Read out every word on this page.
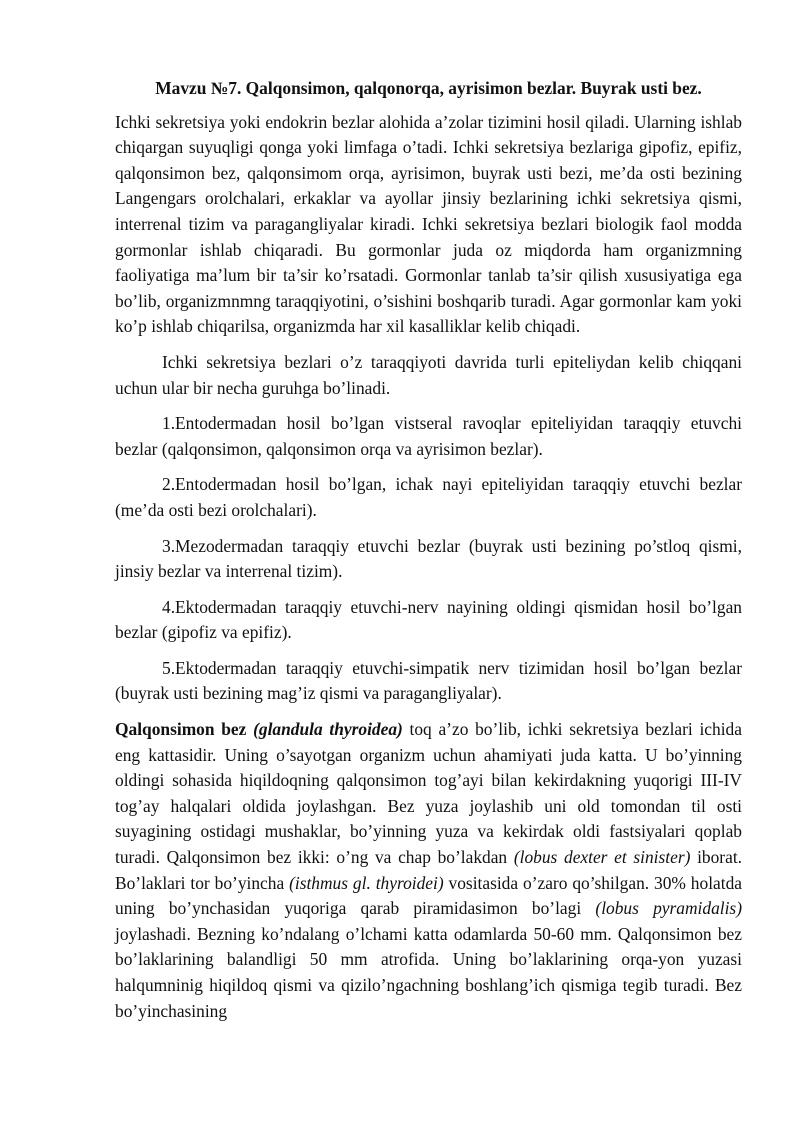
Mavzu №7. Qalqonsimon, qalqonorqa, ayrisimon bezlar. Buyrak usti bez.

Ichki sekretsiya yoki endokrin bezlar alohida a’zolar tizimini hosil qiladi. Ularning ishlab chiqargan suyuqligi qonga yoki limfaga o’tadi. Ichki sekretsiya bezlariga gipofiz, epifiz, qalqonsimon bez, qalqonsimom orqa, ayrisimon, buyrak usti bezi, me’da osti bezining Langengars orolchalari, erkaklar va ayollar jinsiy bezlarining ichki sekretsiya qismi, interrenal tizim va paragangliyalar kiradi. Ichki sekretsiya bezlari biologik faol modda gormonlar ishlab chiqaradi. Bu gormonlar juda oz miqdorda ham organizmning faoliyatiga ma’lum bir ta’sir ko’rsatadi. Gormonlar tanlab ta’sir qilish xususiyatiga ega bo’lib, organizmnmng taraqqiyotini, o’sishini boshqarib turadi. Agar gormonlar kam yoki ko’p ishlab chiqarilsa, organizmda har xil kasalliklar kelib chiqadi.

Ichki sekretsiya bezlari o’z taraqqiyoti davrida turli epiteliydan kelib chiqqani uchun ular bir necha guruhga bo’linadi.

1.Entodermadan hosil bo’lgan vistseral ravoqlar epiteliyidan taraqqiy etuvchi bezlar (qalqonsimon, qalqonsimon orqa va ayrisimon bezlar).

2.Entodermadan hosil bo’lgan, ichak nayi epiteliyidan taraqqiy etuvchi bezlar (me’da osti bezi orolchalari).

3.Mezodermadan taraqqiy etuvchi bezlar (buyrak usti bezining po’stloq qismi, jinsiy bezlar va interrenal tizim).

4.Ektodermadan taraqqiy etuvchi-nerv nayining oldingi qismidan hosil bo’lgan bezlar (gipofiz va epifiz).

5.Ektodermadan taraqqiy etuvchi-simpatik nerv tizimidan hosil bo’lgan bezlar (buyrak usti bezining mag’iz qismi va paragangliyalar).

Qalqonsimon bez (glandula thyroidea) toq a’zo bo’lib, ichki sekretsiya bezlari ichida eng kattasidir. Uning o’sayotgan organizm uchun ahamiyati juda katta. U bo’yinning oldingi sohasida hiqildoqning qalqonsimon tog’ayi bilan kekirdakning yuqorigi III-IV tog’ay halqalari oldida joylashgan. Bez yuza joylashib uni old tomondan til osti suyagining ostidagi mushaklar, bo’yinning yuza va kekirdak oldi fastsiyalari qoplab turadi. Qalqonsimon bez ikki: o’ng va chap bo’lakdan (lobus dexter et sinister) iborat. Bo’laklari tor bo’yincha (isthmus gl. thyroidei) vositasida o’zaro qo’shilgan. 30% holatda uning bo’ynchasidan yuqoriga qarab piramidasimon bo’lagi (lobus pyramidalis) joylashadi. Bezning ko’ndalang o’lchami katta odamlarda 50-60 mm. Qalqonsimon bez bo’laklarining balandligi 50 mm atrofida. Uning bo’laklarining orqa-yon yuzasi halqumninig hiqildoq qismi va qizilo’ngachning boshlang’ich qismiga tegib turadi. Bez bo’yinchasining
